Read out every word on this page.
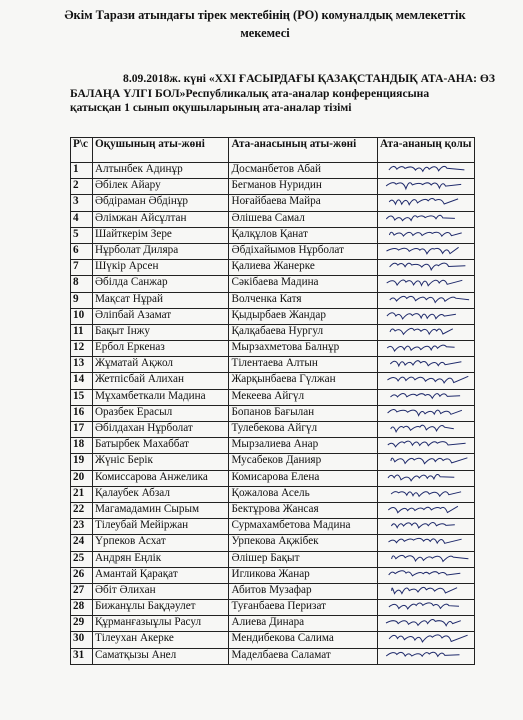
Әкім Тарази атындағы тірек мектебінің (РО) комуналдық мемлекеттік
мекемесі
8.09.2018ж. күні «XXI ҒАСЫРДАҒЫ ҚАЗАҚСТАНДЫҚ АТА-АНА: ӨЗ
БАЛАҢА ҮЛГІ БОЛ»Республикалық ата-аналар конференциясына
қатысқан 1 сынып оқушыларының ата-аналар тізімі
Р\с	Оқушының аты-жөні	Ата-анасының аты-жөні	Ата-ананың қолы
1	Алтынбек Адинұр	Досманбетов Абай	

2	Әбілек Айару	Бегманов Нуридин	

3	Әбдіраман Әбдінұр	Ноғайбаева Майра	

4	Әлімжан Айсұлтан	Әлішева Самал	

5	Шайткерім Зере	Қалқұлов Қанат	

6	Нұрболат Диляра	Әбдіхайымов Нұрболат	

7	Шүкір Арсен	Қалиева Жанерке	

8	Әбілда Санжар	Сәкібаева Мадина	

9	Мақсат Нұрай	Волченка Катя	

10	Әліпбай Азамат	Қыдырбаев Жандар	

11	Бақыт Інжу	Қалқабаева Нургул	

12	Ербол Еркеназ	Мырзахметова Балнұр	

13	Жұматай Ақжол	Тілентаева Алтын	

14	Жетпісбай Алихан	Жарқынбаева Гүлжан	

15	Мұхамбеткали Мадина	Мекеева Айгүл	

16	Оразбек Ерасыл	Бопанов Бағылан	

17	Әбілдахан Нұрболат	Тулебекова Айгүл	

18	Батырбек Махаббат	Мырзалиева Анар	

19	Жүніс Берік	Мусабеков Данияр	

20	Комиссарова Анжелика	Комисарова Елена	

21	Қалаубек Абзал	Қожалова Асель	

22	Магамадамин Сырым	Бектұрова Жансая	

23	Тілеубай Мейіржан	Сурмахамбетова Мадина	

24	Үрпеков Асхат	Урпекова Ақжібек	

25	Андрян Еңлік	Әлішер Бақыт	

26	Амантай Қарақат	Игликова Жанар	

27	Әбіт Әлихан	Абитов Музафар	

28	Бижанұлы Бақдәулет	Туғанбаева Перизат	

29	Құрманғазыұлы Расул	Алиева Динара	

30	Тілеухан Акерке	Мендибекова Салима	

31	Саматқызы Анел	Маделбаева Саламат	
